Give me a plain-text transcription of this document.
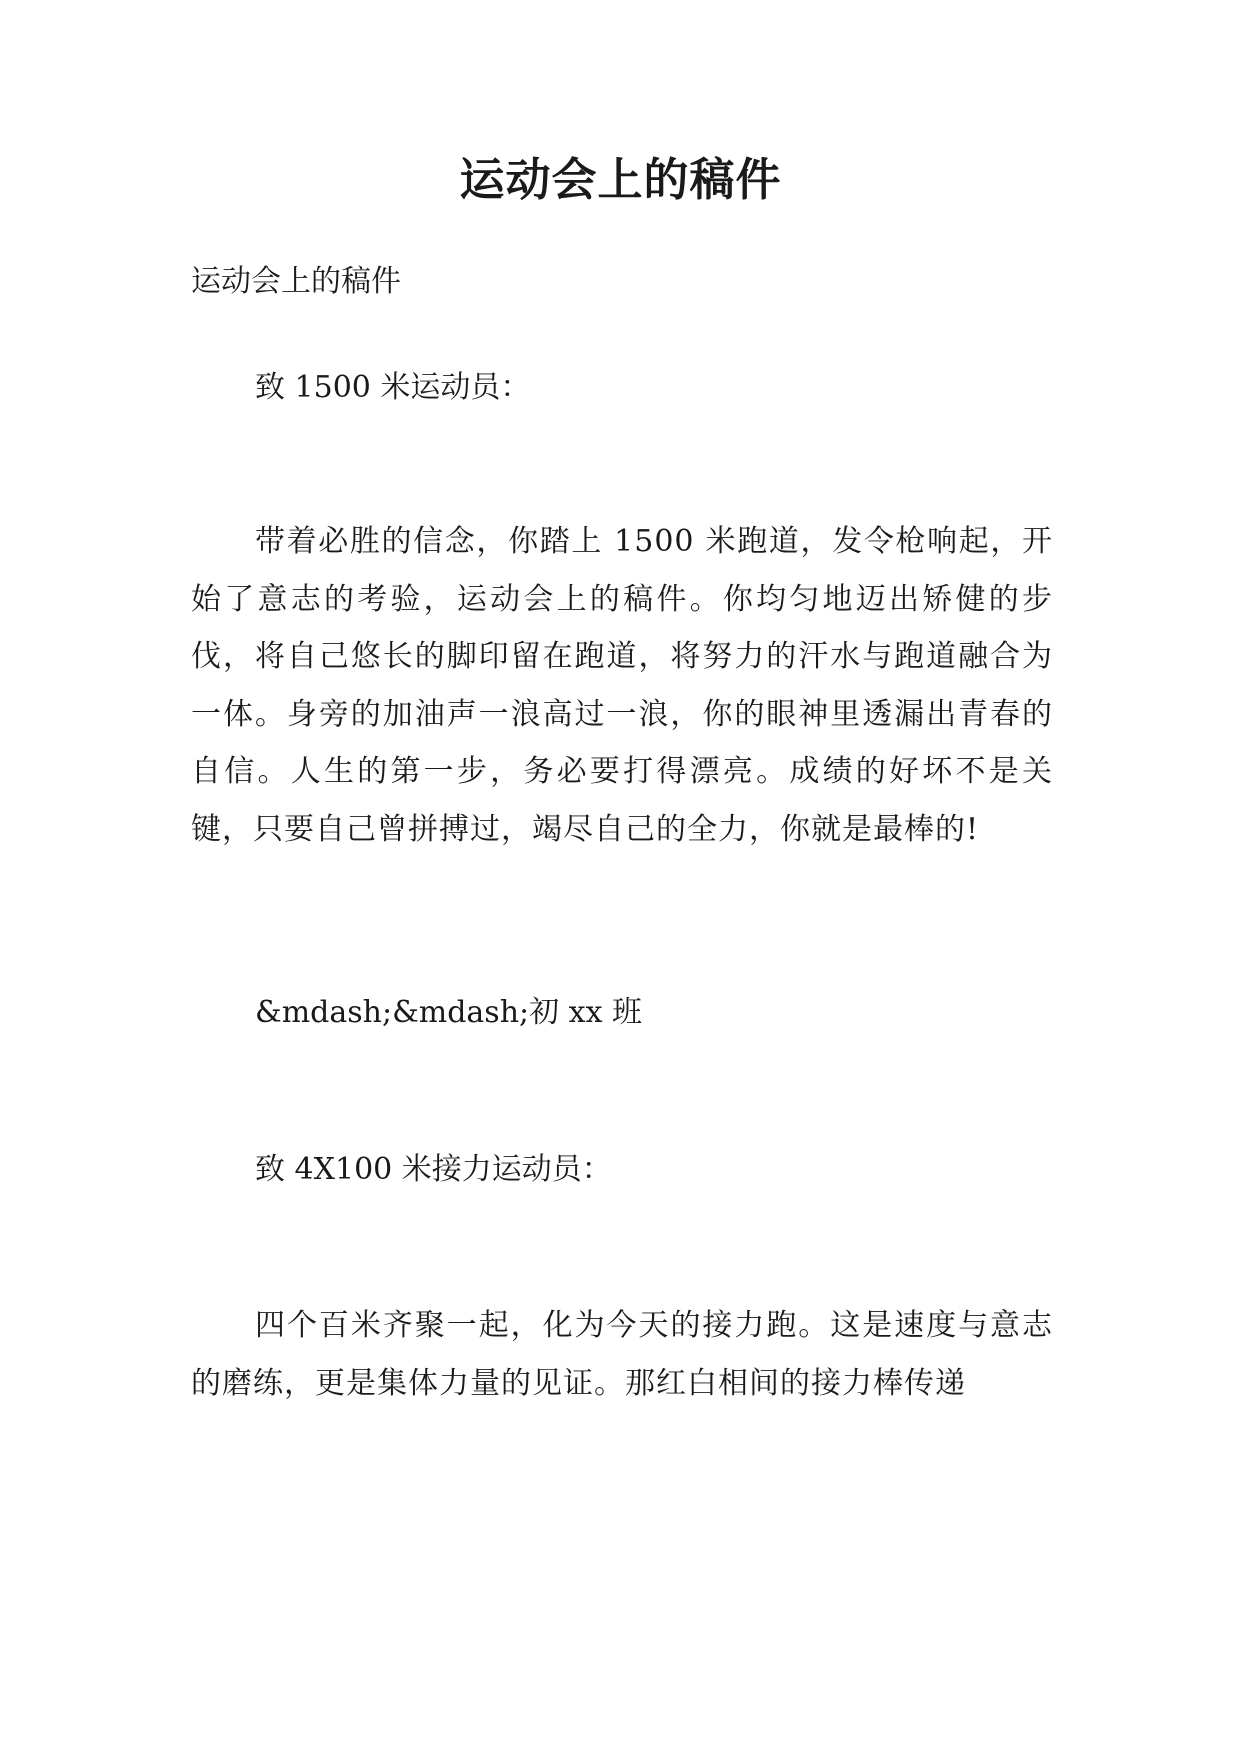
运动会上的稿件

运动会上的稿件

致 1500 米运动员：

带着必胜的信念，你踏上 1500 米跑道，发令枪响起，开始了意志的考验，运动会上的稿件。你均匀地迈出矫健的步伐，将自己悠长的脚印留在跑道，将努力的汗水与跑道融合为一体。身旁的加油声一浪高过一浪，你的眼神里透漏出青春的自信。人生的第一步，务必要打得漂亮。成绩的好坏不是关键，只要自己曾拼搏过，竭尽自己的全力，你就是最棒的!

&mdash;&mdash;初 xx 班

致 4X100 米接力运动员：

四个百米齐聚一起，化为今天的接力跑。这是速度与意志的磨练，更是集体力量的见证。那红白相间的接力棒传递
